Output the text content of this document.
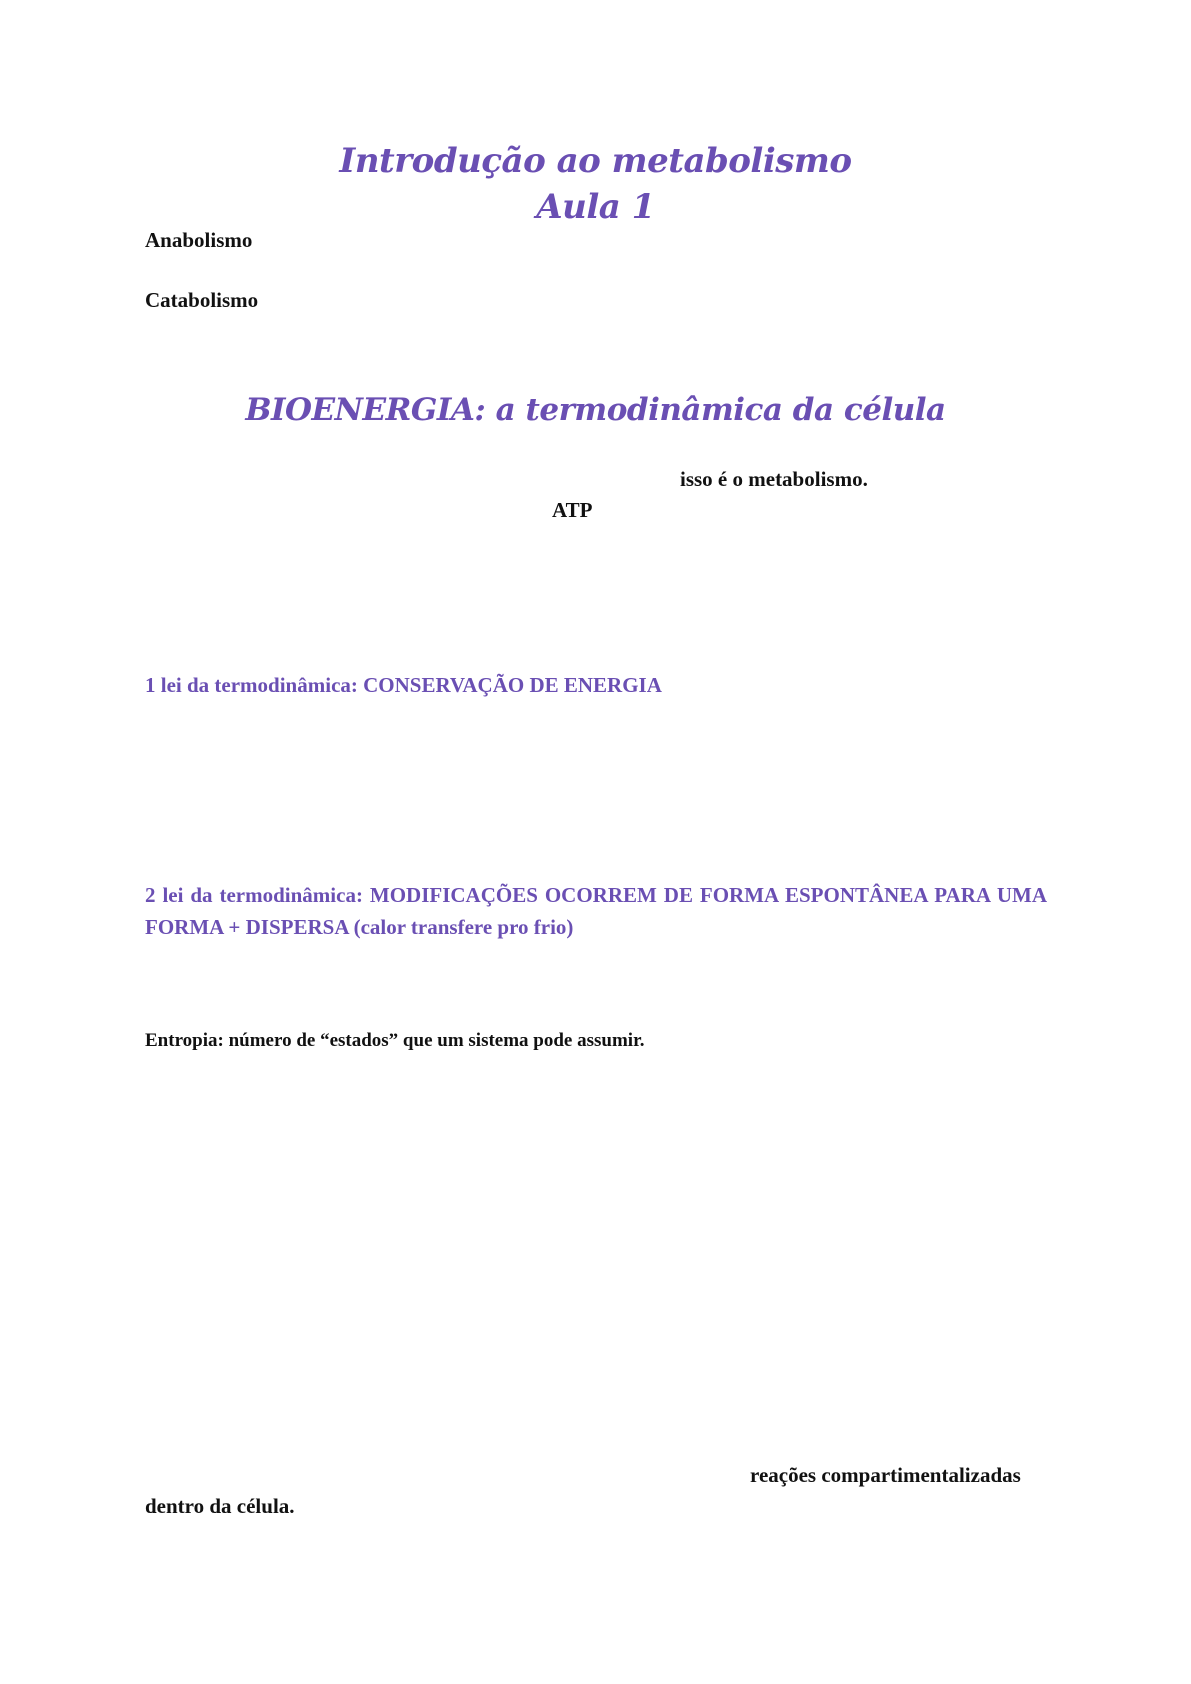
Introdução ao metabolismo
Aula 1
Anabolismo
Catabolismo
BIOENERGIA: a termodinâmica da célula
isso é o metabolismo.
ATP
1 lei da termodinâmica: CONSERVAÇÃO DE ENERGIA
2 lei da termodinâmica: MODIFICAÇÕES OCORREM DE FORMA ESPONTÂNEA PARA UMA FORMA + DISPERSA (calor transfere pro frio)
Entropia: número de “estados” que um sistema pode assumir.
reações compartimentalizadas
dentro da célula.
